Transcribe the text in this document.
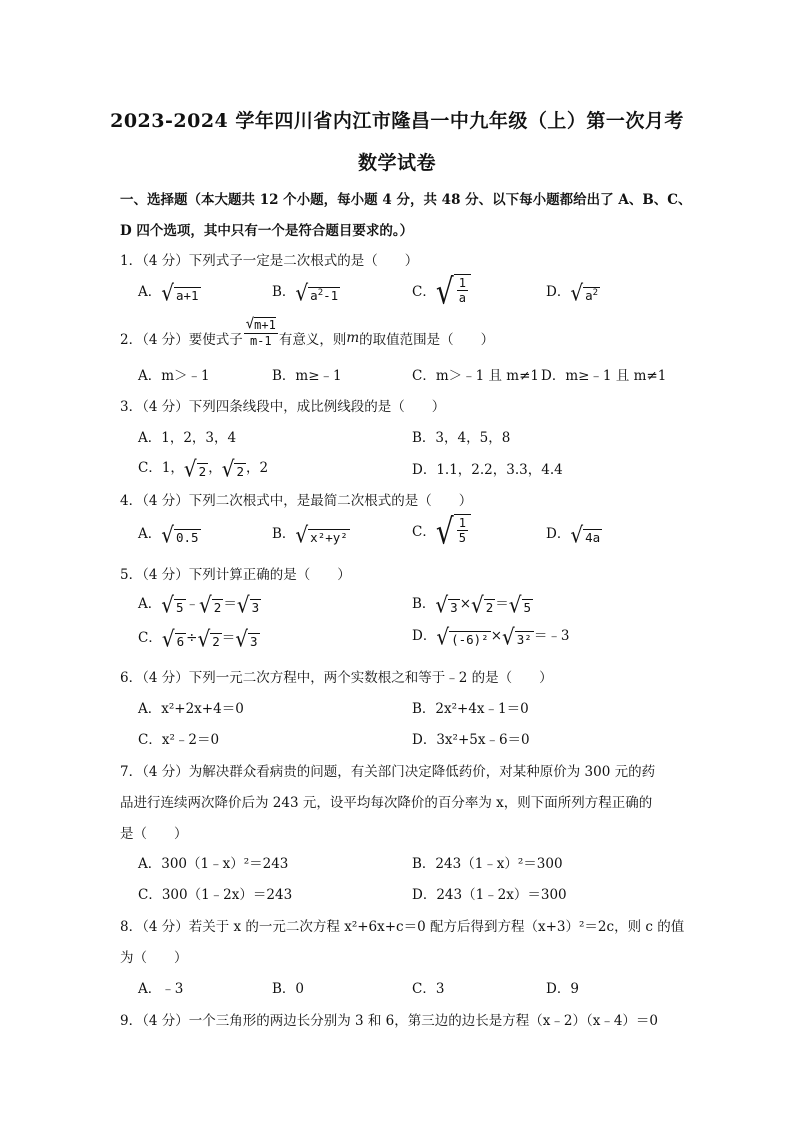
2023-2024 学年四川省内江市隆昌一中九年级（上）第一次月考
数学试卷
一、选择题（本大题共 12 个小题，每小题 4 分，共 48 分、以下每小题都给出了 A、B、C、
D 四个选项，其中只有一个是符合题目要求的。）
1．（4 分）下列式子一定是二次根式的是（　　）
A． √ a+1	B． √ $a^2-1$	C． √ $\frac{1}{a}$	D． √ $a^2$
2．（4 分）要使式子 $\frac{√ m+1}{m-1}$ 有意义，则m的取值范围是（　　）
A．m＞﹣1	B．m≥﹣1	C．m＞﹣1 且 m≠1 D．m≥﹣1 且 m≠1
3．（4 分）下列四条线段中，成比例线段的是（　　）
A．1，2，3，4	B．3，4，5，8
C．1， √ 2 ， √ 2 ，2	D．1.1，2.2，3.3，4.4
4．（4 分）下列二次根式中，是最简二次根式的是（　　）
A． √ 0.5	B． √ x²+y²	C． √ $\frac{1}{5}$	D． √ 4a
5．（4 分）下列计算正确的是（　　）
A． √ 5 ﹣ √ 2 ＝ √ 3	B． √ 3 × √ 2 ＝ √ 5
C． √ 6 ÷ √ 2 ＝ √ 3	D． √ (-6)² × √ 3² ＝﹣3
6．（4 分）下列一元二次方程中，两个实数根之和等于﹣2 的是（　　）
A．x²+2x+4＝0	B．2x²+4x﹣1＝0
C．x²﹣2＝0	D．3x²+5x﹣6＝0
7．（4 分）为解决群众看病贵的问题，有关部门决定降低药价，对某种原价为 300 元的药
品进行连续两次降价后为 243 元，设平均每次降价的百分率为 x，则下面所列方程正确的
是（　　）
A．300（1﹣x）²＝243	B．243（1﹣x）²＝300
C．300（1﹣2x）＝243	D．243（1﹣2x）＝300
8．（4 分）若关于 x 的一元二次方程 x²+6x+c＝0 配方后得到方程（x+3）²＝2c，则 c 的值
为（　　）
A．﹣3	B．0	C．3	D．9
9．（4 分）一个三角形的两边长分别为 3 和 6，第三边的边长是方程（x﹣2）（x﹣4）＝0
